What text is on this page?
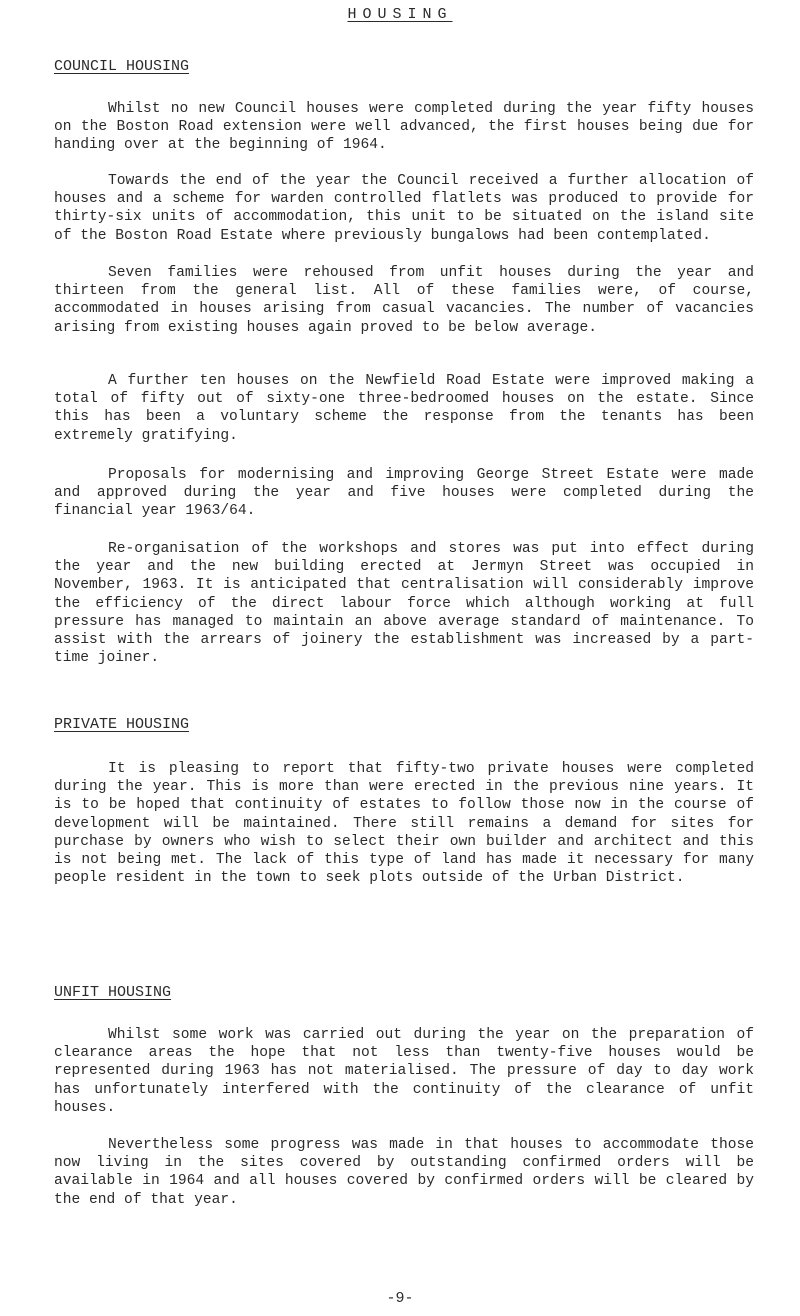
HOUSING
COUNCIL HOUSING

Whilst no new Council houses were completed during the year fifty houses on the Boston Road extension were well advanced, the first houses being due for handing over at the beginning of 1964.

Towards the end of the year the Council received a further allocation of houses and a scheme for warden controlled flatlets was produced to provide for thirty-six units of accommodation, this unit to be situated on the island site of the Boston Road Estate where previously bungalows had been contemplated.

Seven families were rehoused from unfit houses during the year and thirteen from the general list. All of these families were, of course, accommodated in houses arising from casual vacancies. The number of vacancies arising from existing houses again proved to be below average.

A further ten houses on the Newfield Road Estate were improved making a total of fifty out of sixty-one three-bedroomed houses on the estate. Since this has been a voluntary scheme the response from the tenants has been extremely gratifying.

Proposals for modernising and improving George Street Estate were made and approved during the year and five houses were completed during the financial year 1963/64.

Re-organisation of the workshops and stores was put into effect during the year and the new building erected at Jermyn Street was occupied in November, 1963. It is anticipated that centralisation will considerably improve the efficiency of the direct labour force which although working at full pressure has managed to maintain an above average standard of maintenance. To assist with the arrears of joinery the establishment was increased by a part-time joiner.

PRIVATE HOUSING

It is pleasing to report that fifty-two private houses were completed during the year. This is more than were erected in the previous nine years. It is to be hoped that continuity of estates to follow those now in the course of development will be maintained. There still remains a demand for sites for purchase by owners who wish to select their own builder and architect and this is not being met. The lack of this type of land has made it necessary for many people resident in the town to seek plots outside of the Urban District.

UNFIT HOUSING

Whilst some work was carried out during the year on the preparation of clearance areas the hope that not less than twenty-five houses would be represented during 1963 has not materialised. The pressure of day to day work has unfortunately interfered with the continuity of the clearance of unfit houses.

Nevertheless some progress was made in that houses to accommodate those now living in the sites covered by outstanding confirmed orders will be available in 1964 and all houses covered by confirmed orders will be cleared by the end of that year.

-9-
